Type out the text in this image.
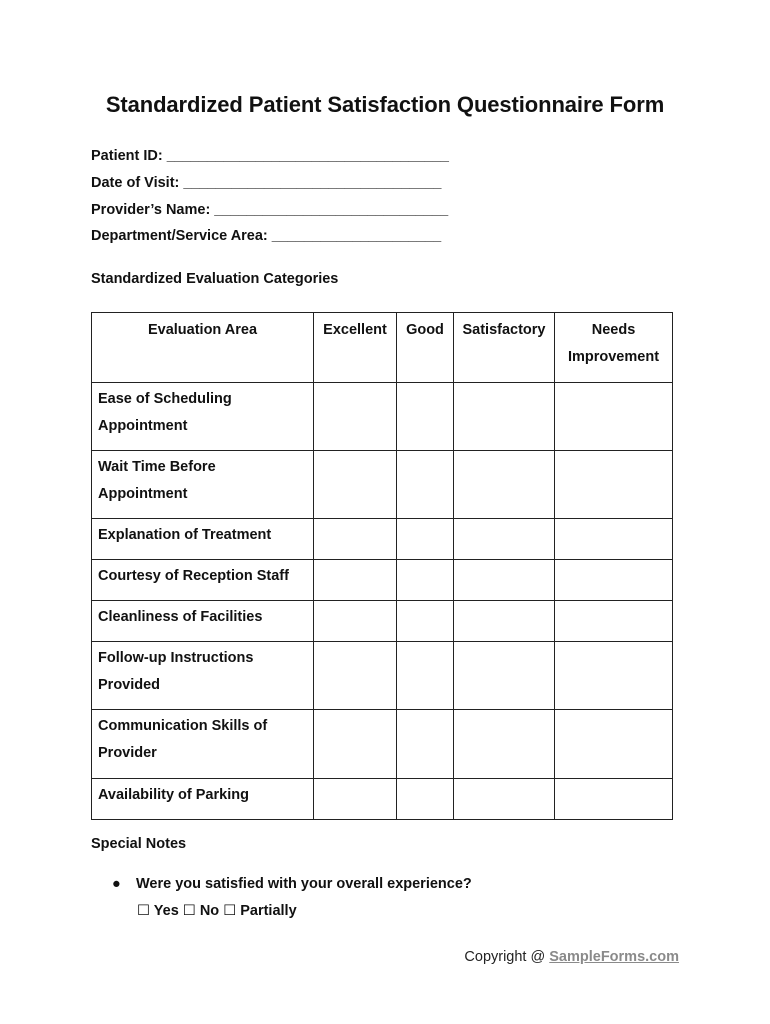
Standardized Patient Satisfaction Questionnaire Form
Patient ID: ___________________________________
Date of Visit: ________________________________
Provider’s Name: _____________________________
Department/Service Area: _____________________
Standardized Evaluation Categories
Evaluation Area	Excellent	Good	Satisfactory	Needs Improvement
Ease of Scheduling Appointment				
Wait Time Before Appointment				
Explanation of Treatment				
Courtesy of Reception Staff				
Cleanliness of Facilities				
Follow-up Instructions Provided				
Communication Skills of Provider				
Availability of Parking				
Special Notes
● Were you satisfied with your overall experience?
☐ Yes ☐ No ☐ Partially
Copyright @ SampleForms.com
